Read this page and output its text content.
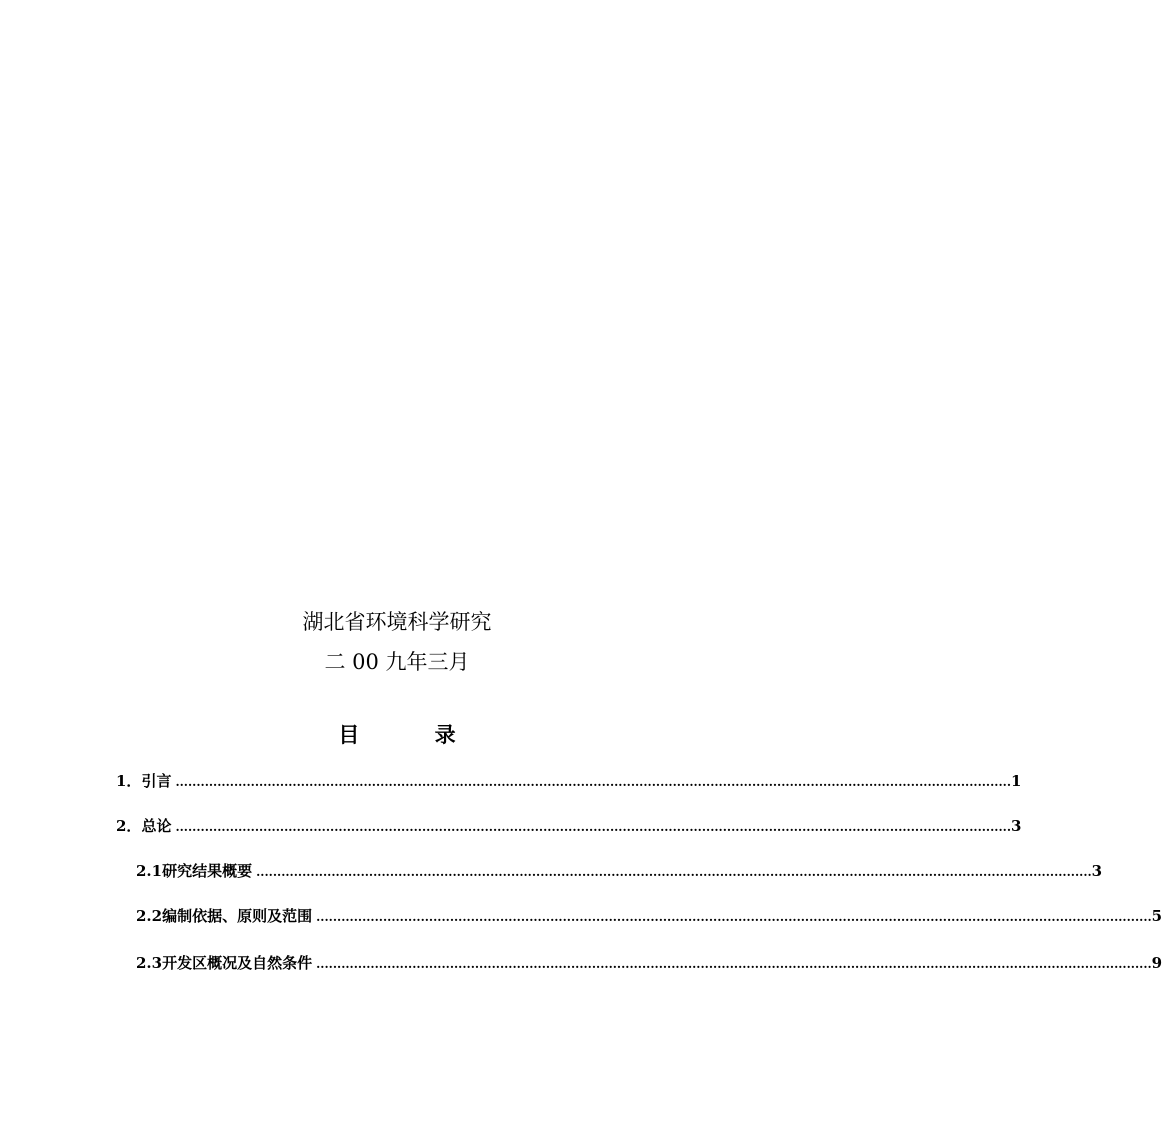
湖北省环境科学研究
二 00 九年三月
目 录
1． 引言 ........................................................................................................................................................................................................ 1
2． 总论 ........................................................................................................................................................................................................ 3
2.1 研究结果概要 ........................................................................................................................................................................................................ 3
2.2 编制依据、原则及范围 ........................................................................................................................................................................................................ 5
2.3 开发区概况及自然条件 ........................................................................................................................................................................................................ 9
